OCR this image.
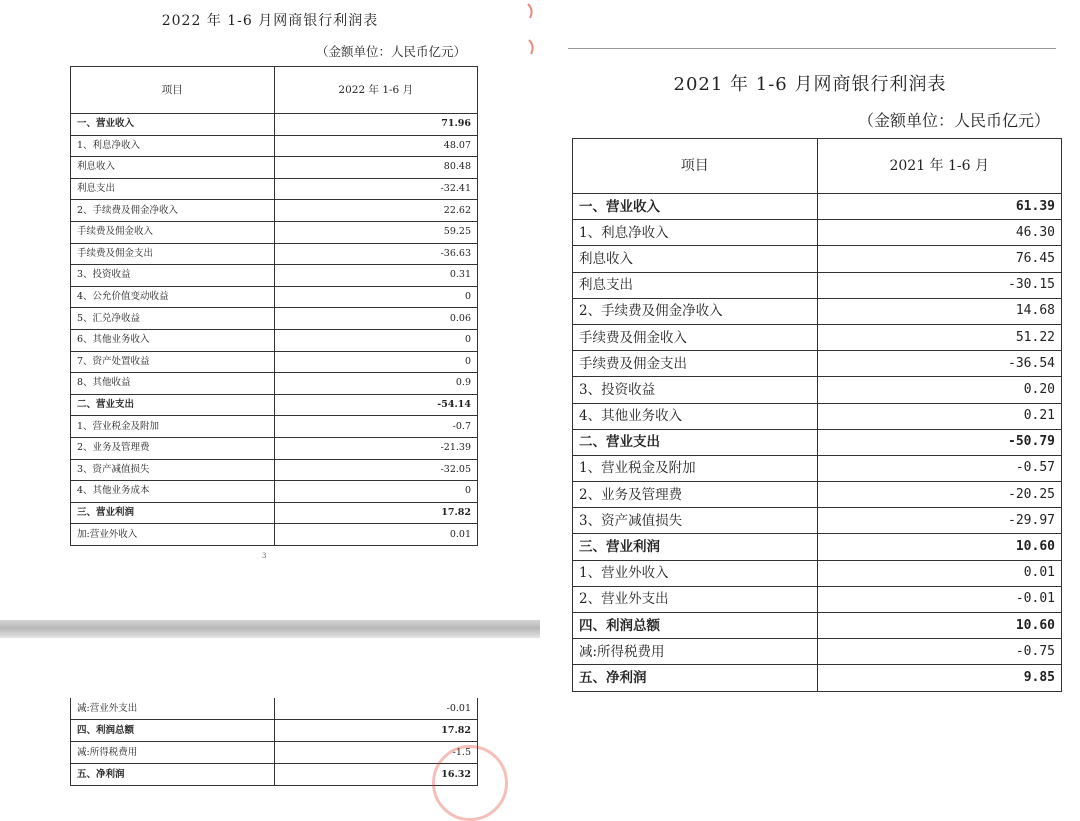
2022 年 1-6 月网商银行利润表
（金额单位：人民币亿元）
项目	2022 年 1-6 月
一、营业收入	71.96
1、利息净收入	48.07
利息收入	80.48
利息支出	-32.41
2、手续费及佣金净收入	22.62
手续费及佣金收入	59.25
手续费及佣金支出	-36.63
3、投资收益	0.31
4、公允价值变动收益	0
5、汇兑净收益	0.06
6、其他业务收入	0
7、资产处置收益	0
8、其他收益	0.9
二、营业支出	-54.14
1、营业税金及附加	-0.7
2、业务及管理费	-21.39
3、资产减值损失	-32.05
4、其他业务成本	0
三、营业利润	17.82
加:营业外收入	0.01
3
减:营业外支出	-0.01
四、利润总额	17.82
减:所得税费用	-1.5
五、净利润	16.32
2021 年 1-6 月网商银行利润表
（金额单位：人民币亿元）
项目	2021 年 1-6 月
一、营业收入	61.39
1、利息净收入	46.30
利息收入	76.45
利息支出	-30.15
2、手续费及佣金净收入	14.68
手续费及佣金收入	51.22
手续费及佣金支出	-36.54
3、投资收益	0.20
4、其他业务收入	0.21
二、营业支出	-50.79
1、营业税金及附加	-0.57
2、业务及管理费	-20.25
3、资产减值损失	-29.97
三、营业利润	10.60
1、营业外收入	0.01
2、营业外支出	-0.01
四、利润总额	10.60
减:所得税费用	-0.75
五、净利润	9.85
